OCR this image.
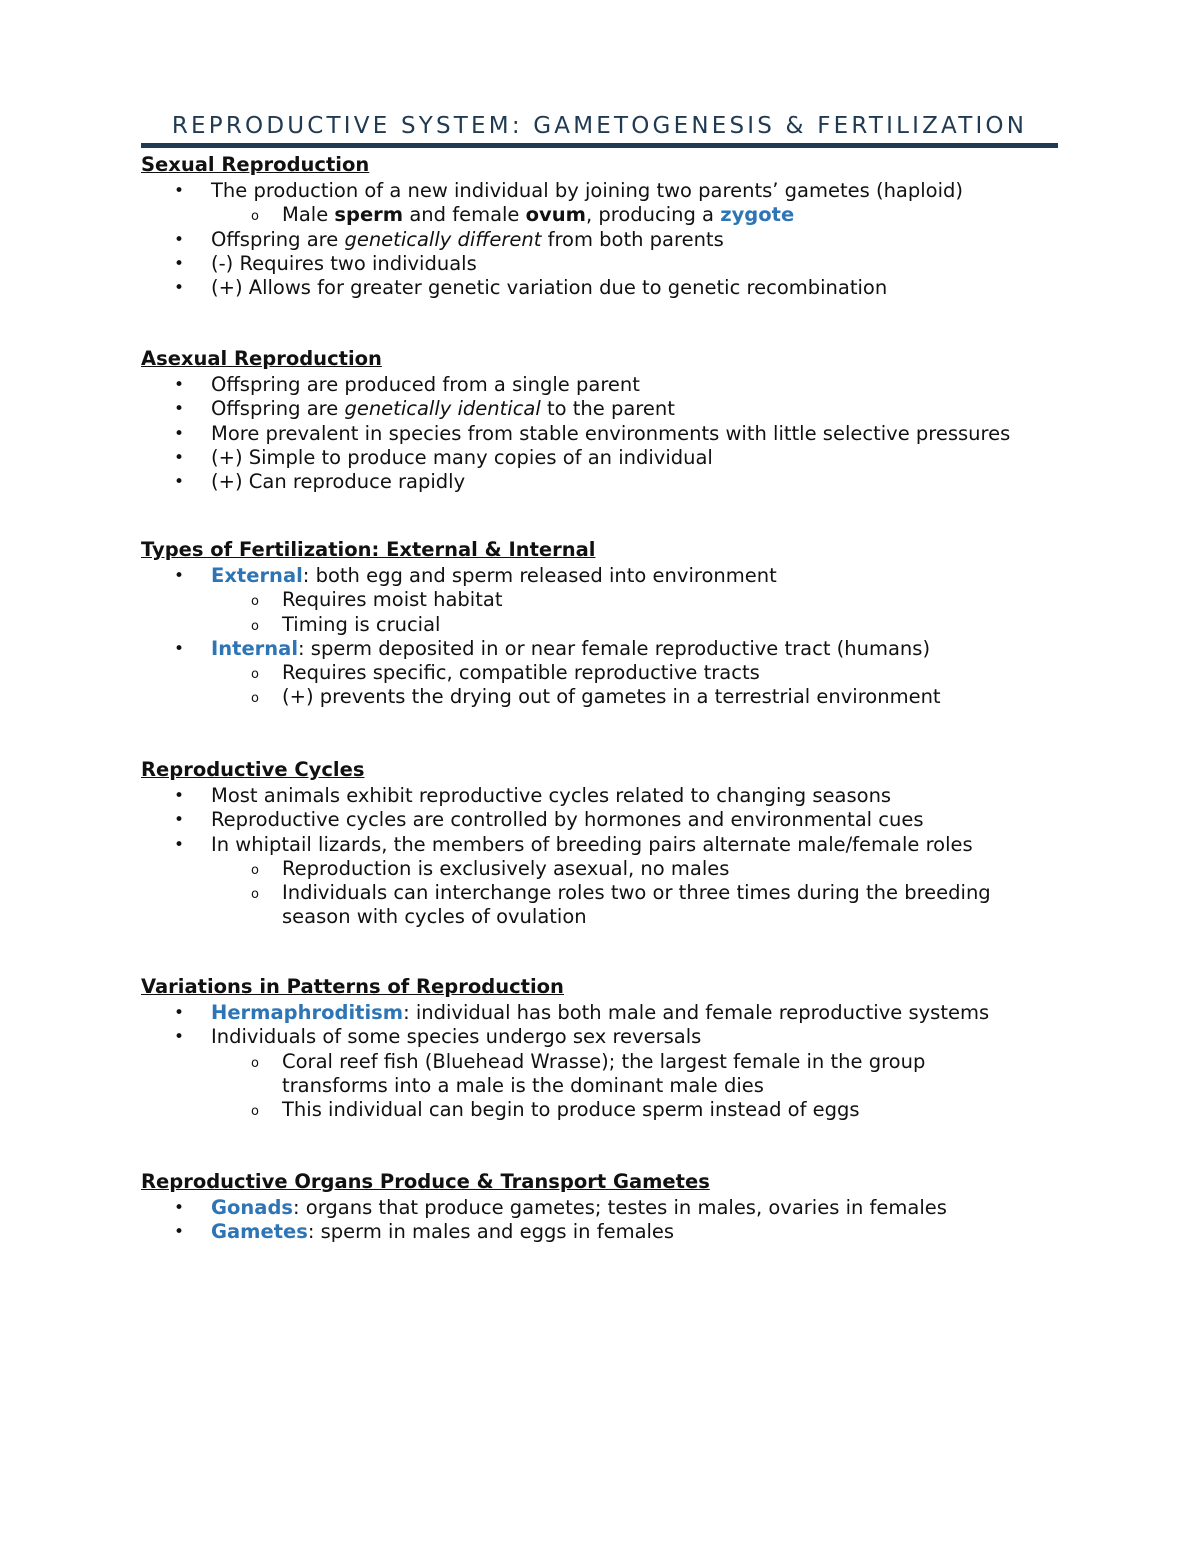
REPRODUCTIVE SYSTEM: GAMETOGENESIS & FERTILIZATION
Sexual Reproduction
• The production of a new individual by joining two parents’ gametes (haploid)
o Male sperm and female ovum, producing a zygote
• Offspring are genetically different from both parents
• (-) Requires two individuals
• (+) Allows for greater genetic variation due to genetic recombination
Asexual Reproduction
• Offspring are produced from a single parent
• Offspring are genetically identical to the parent
• More prevalent in species from stable environments with little selective pressures
• (+) Simple to produce many copies of an individual
• (+) Can reproduce rapidly
Types of Fertilization: External & Internal
• External: both egg and sperm released into environment
o Requires moist habitat
o Timing is crucial
• Internal: sperm deposited in or near female reproductive tract (humans)
o Requires specific, compatible reproductive tracts
o (+) prevents the drying out of gametes in a terrestrial environment
Reproductive Cycles
• Most animals exhibit reproductive cycles related to changing seasons
• Reproductive cycles are controlled by hormones and environmental cues
• In whiptail lizards, the members of breeding pairs alternate male/female roles
o Reproduction is exclusively asexual, no males
o Individuals can interchange roles two or three times during the breeding
season with cycles of ovulation
Variations in Patterns of Reproduction
• Hermaphroditism: individual has both male and female reproductive systems
• Individuals of some species undergo sex reversals
o Coral reef fish (Bluehead Wrasse); the largest female in the group
transforms into a male is the dominant male dies
o This individual can begin to produce sperm instead of eggs
Reproductive Organs Produce & Transport Gametes
• Gonads: organs that produce gametes; testes in males, ovaries in females
• Gametes: sperm in males and eggs in females
